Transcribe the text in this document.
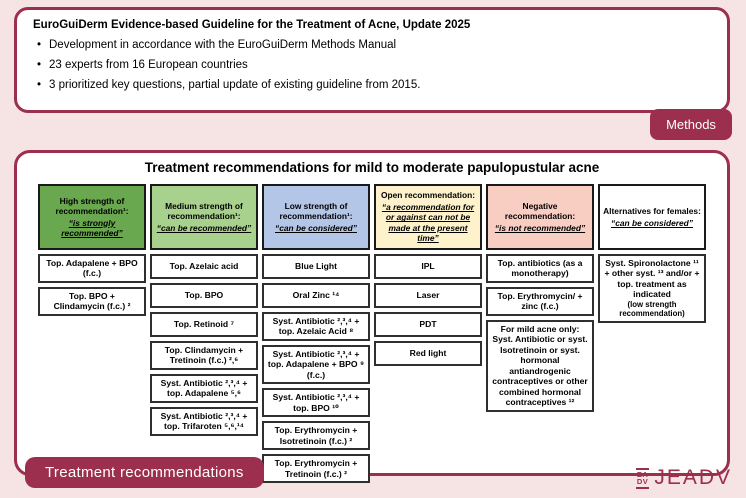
EuroGuiDerm Evidence-based Guideline for the Treatment of Acne, Update 2025

• Development in accordance with the EuroGuiDerm Methods Manual
• 23 experts from 16 European countries
• 3 prioritized key questions, partial update of existing guideline from 2015.
Methods

Treatment recommendations for mild to moderate papulopustular acne

High strength of recommendation¹:
“is strongly recommended”
Top. Adapalene + BPO (f.c.)
Top. BPO + Clindamycin (f.c.) ²
Medium strength of recommendation¹:
“can be recommended”
Top. Azelaic acid
Top. BPO
Top. Retinoid ⁷
Top. Clindamycin + Tretinoin (f.c.) ²,⁶
Syst. Antibiotic ²,³,⁴ + top. Adapalene ⁵,⁶
Syst. Antibiotic ²,³,⁴ + top. Trifaroten ⁵,⁶,¹⁴
Low strength of recommendation¹:
“can be considered”
Blue Light
Oral Zinc ¹⁴
Syst. Antibiotic ²,³,⁴ + top. Azelaic Acid ⁸
Syst. Antibiotic ²,³,⁴ + top. Adapalene + BPO ⁹ (f.c.)
Syst. Antibiotic ²,³,⁴ + top. BPO ¹⁰
Top. Erythromycin + Isotretinoin (f.c.) ²
Top. Erythromycin + Tretinoin (f.c.) ²
Open recommendation:
“a recommendation for or against can not be made at the present time”
IPL
Laser
PDT
Red light
Negative recommendation:
“is not recommended”
Top. antibiotics (as a monotherapy)
Top. Erythromycin/ + zinc (f.c.)
For mild acne only: Syst. Antibiotic or syst. Isotretinoin or syst. hormonal antiandrogenic contraceptives or other combined hormonal contraceptives ¹²
Alternatives for females:
“can be considered”
Syst. Spironolactone ¹¹ + other syst. ¹³ and/or + top. treatment as indicated
(low strength recommendation)
Treatment recommendations	EA
DV JEADV
